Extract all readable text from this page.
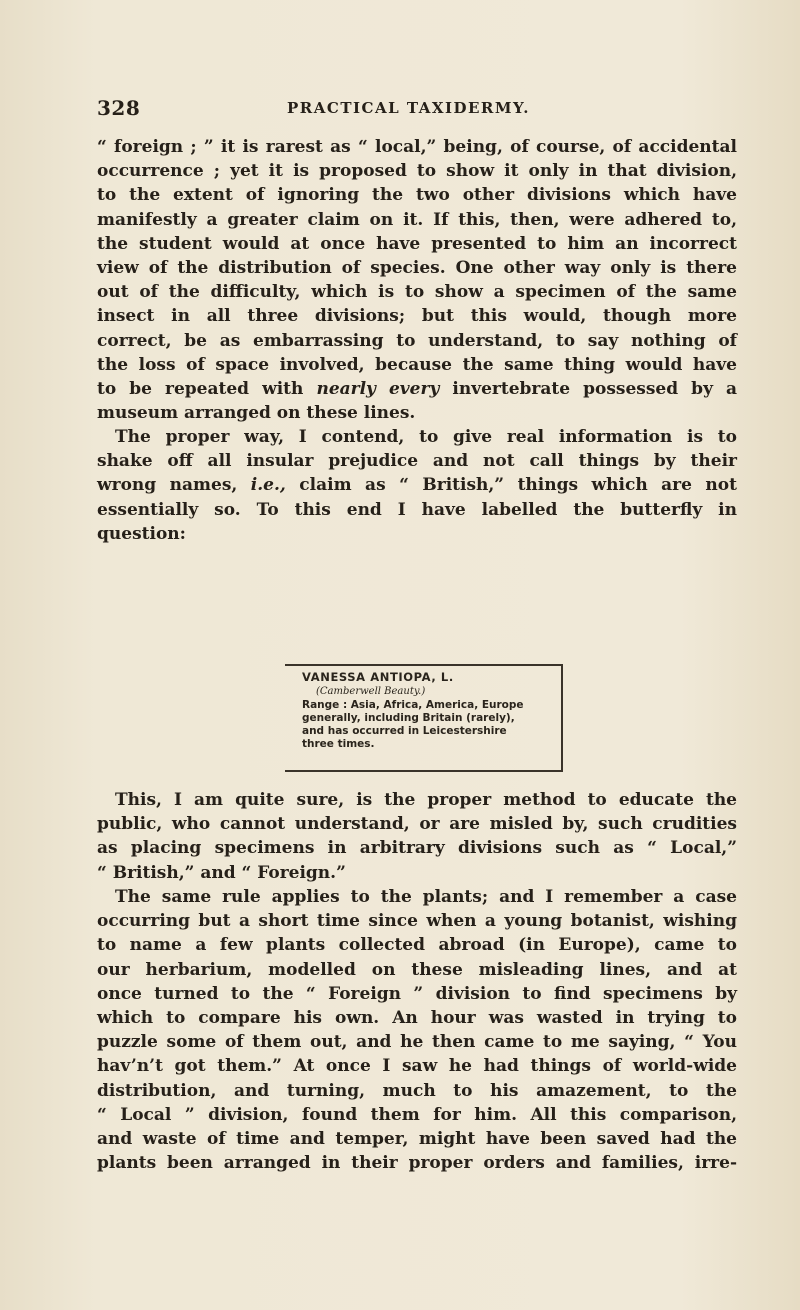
328	PRACTICAL TAXIDERMY.
“ foreign ; ” it is rarest as “ local,” being, of course, of accidental
occurrence ; yet it is proposed to show it only in that division,
to the extent of ignoring the two other divisions which have
manifestly a greater claim on it. If this, then, were adhered to,
the student would at once have presented to him an incorrect
view of the distribution of species. One other way only is there
out of the difficulty, which is to show a specimen of the same
insect in all three divisions; but this would, though more
correct, be as embarrassing to understand, to say nothing of
the loss of space involved, because the same thing would have
to be repeated with nearly every invertebrate possessed by a
museum arranged on these lines.
The proper way, I contend, to give real information is to
shake off all insular prejudice and not call things by their
wrong names, i.e., claim as “ British,” things which are not
essentially so. To this end I have labelled the butterfly in
question:
VANESSA ANTIOPA, L.
(Camberwell Beauty.)
Range : Asia, Africa, America, Europe
generally, including Britain (rarely),
and has occurred in Leicestershire
three times.
This, I am quite sure, is the proper method to educate the
public, who cannot understand, or are misled by, such crudities
as placing specimens in arbitrary divisions such as “ Local,”
“ British,” and “ Foreign.”
The same rule applies to the plants; and I remember a case
occurring but a short time since when a young botanist, wishing
to name a few plants collected abroad (in Europe), came to
our herbarium, modelled on these misleading lines, and at
once turned to the “ Foreign ” division to find specimens by
which to compare his own. An hour was wasted in trying to
puzzle some of them out, and he then came to me saying, “ You
hav’n’t got them.” At once I saw he had things of world-wide
distribution, and turning, much to his amazement, to the
“ Local ” division, found them for him. All this comparison,
and waste of time and temper, might have been saved had the
plants been arranged in their proper orders and families, irre-
